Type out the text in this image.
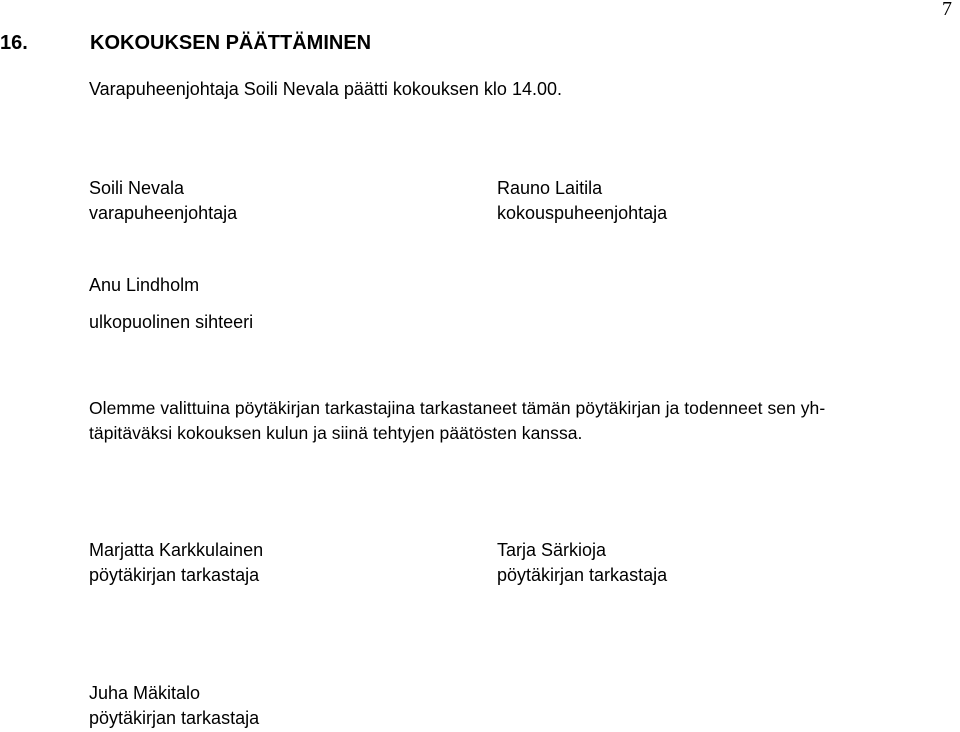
7
16.	KOKOUKSEN PÄÄTTÄMINEN
Varapuheenjohtaja Soili Nevala päätti kokouksen klo 14.00.
Soili Nevala
varapuheenjohtaja
Rauno Laitila
kokouspuheenjohtaja
Anu Lindholm
ulkopuolinen sihteeri
Olemme valittuina pöytäkirjan tarkastajina tarkastaneet tämän pöytäkirjan ja todenneet sen yh-
täpitäväksi kokouksen kulun ja siinä tehtyjen päätösten kanssa.
Marjatta Karkkulainen
pöytäkirjan tarkastaja
Tarja Särkioja
pöytäkirjan tarkastaja
Juha Mäkitalo
pöytäkirjan tarkastaja
